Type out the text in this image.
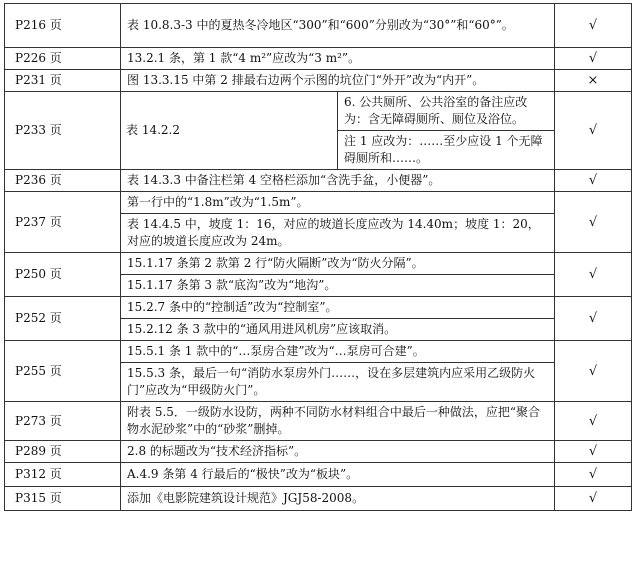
P216 页	表 10.8.3-3 中的夏热冬冷地区“300”和“600”分别改为“30°”和“60°”。		√
P226 页	13.2.1 条，第 1 款“4 m²”应改为“3 m²”。		√
P231 页	图 13.3.15 中第 2 排最右边两个示图的坑位门“外开”改为“内开”。		×
P233 页	表 14.2.2	6. 公共厕所、公共浴室的备注应改为：含无障碍厕所、厕位及浴位。	√
		注 1 应改为：……至少应设 1 个无障碍厕所和……。	
P236 页	表 14.3.3 中备注栏第 4 空格栏添加“含洗手盆，小便器”。		√
P237 页	第一行中的“1.8m”改为“1.5m”。		√
	表 14.4.5 中，坡度 1：16，对应的坡道长度应改为 14.40m；坡度 1：20，对应的坡道长度应改为 24m。		
P250 页	15.1.17 条第 2 款第 2 行“防火隔断”改为“防火分隔”。		√
	15.1.17 条第 3 款“底沟”改为“地沟”。		
P252 页	15.2.7 条中的“控制适”改为“控制室”。		√
	15.2.12 条 3 款中的“通风用进风机房”应该取消。		
P255 页	15.5.1 条 1 款中的“…泵房合建”改为“…泵房可合建”。		√
	15.5.3 条，最后一句“消防水泵房外门……，设在多层建筑内应采用乙级防火门”应改为“甲级防火门”。		
P273 页	附表 5.5．一级防水设防，两种不同防水材料组合中最后一种做法，应把“聚合物水泥砂浆”中的“砂浆”删掉。		√
P289 页	2.8 的标题改为“技术经济指标”。		√
P312 页	A.4.9 条第 4 行最后的“极快”改为“板块”。		√
P315 页	添加《电影院建筑设计规范》JGJ58-2008。		√
